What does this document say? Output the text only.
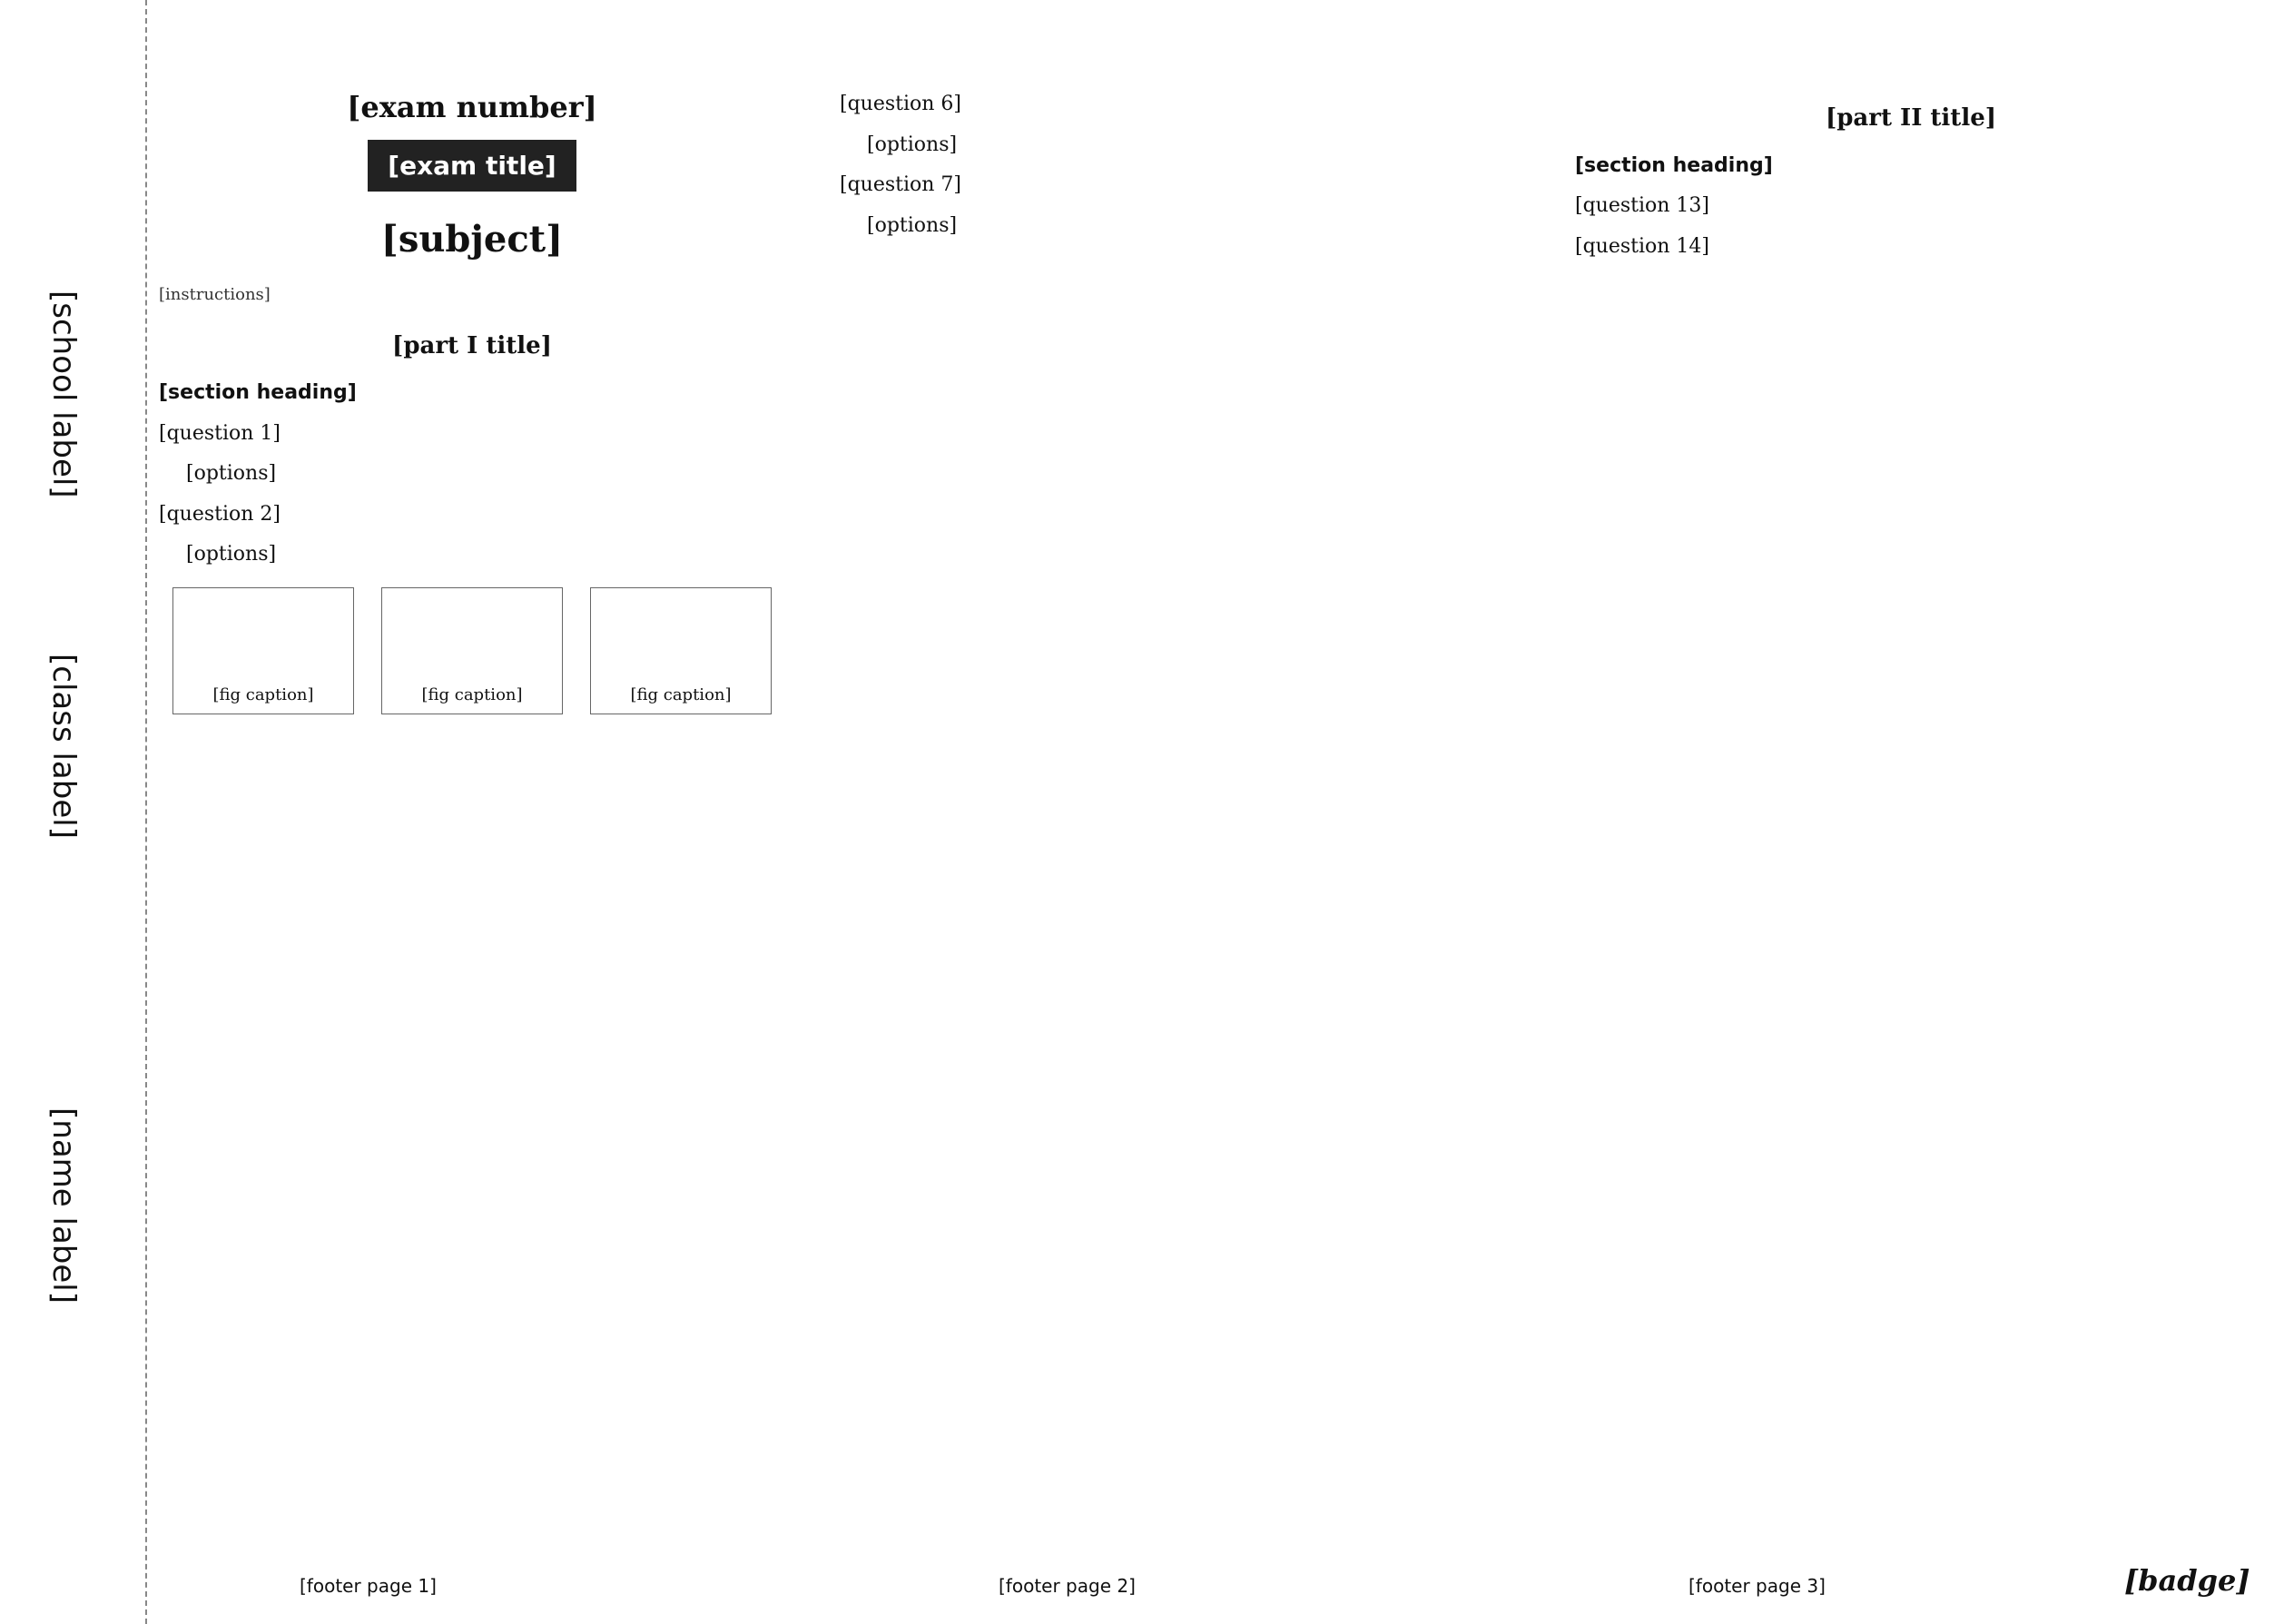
[school label]
[class label]
[name label]
[exam number]
[exam title]
[subject]
[instructions]
[part I title]
[section heading]
[question 1]
[options]
[question 2]
[options]
[fig caption]	[fig caption]	[fig caption]
[question 6]
[options]
[question 7]
[options]
[part II title]
[section heading]
[question 13]
[question 14]
[footer page 1]	[footer page 2]	[footer page 3]	[badge]
